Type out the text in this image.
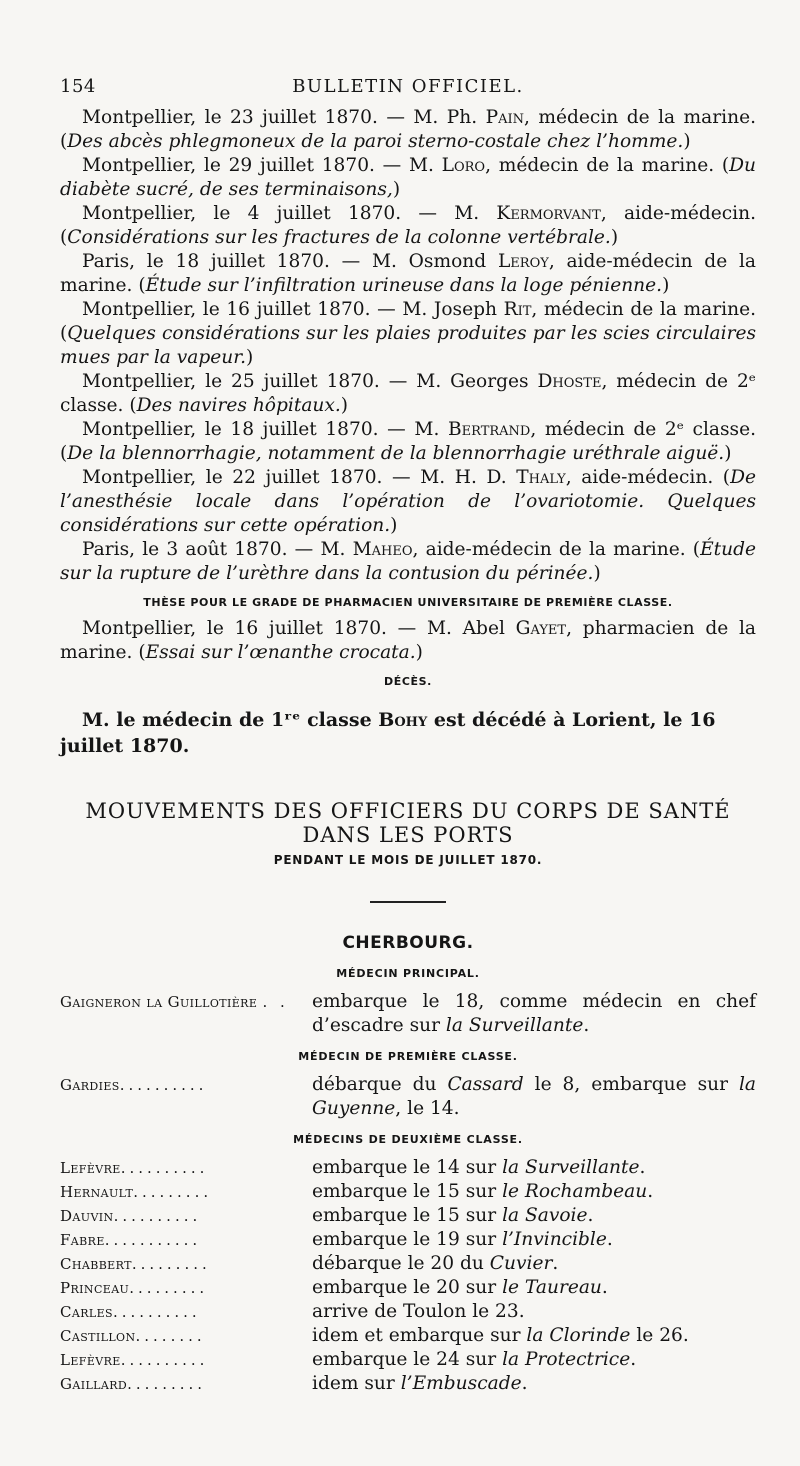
154	BULLETIN OFFICIEL.

Montpellier, le 23 juillet 1870. — M. Ph. Pain, médecin de la marine. (Des abcès phlegmoneux de la paroi sterno-costale chez l’homme.)

Montpellier, le 29 juillet 1870. — M. Loro, médecin de la marine. (Du diabète sucré, de ses terminaisons,)

Montpellier, le 4 juillet 1870. — M. Kermorvant, aide-médecin. (Considérations sur les fractures de la colonne vertébrale.)

Paris, le 18 juillet 1870. — M. Osmond Leroy, aide-médecin de la marine. (Étude sur l’infiltration urineuse dans la loge pénienne.)

Montpellier, le 16 juillet 1870. — M. Joseph Rit, médecin de la marine. (Quelques considérations sur les plaies produites par les scies circulaires mues par la vapeur.)

Montpellier, le 25 juillet 1870. — M. Georges Dhoste, médecin de 2ᵉ classe. (Des navires hôpitaux.)

Montpellier, le 18 juillet 1870. — M. Bertrand, médecin de 2ᵉ classe. (De la blennorrhagie, notamment de la blennorrhagie uréthrale aiguë.)

Montpellier, le 22 juillet 1870. — M. H. D. Thaly, aide-médecin. (De l’anesthésie locale dans l’opération de l’ovariotomie. Quelques considérations sur cette opération.)

Paris, le 3 août 1870. — M. Maheo, aide-médecin de la marine. (Étude sur la rupture de l’urèthre dans la contusion du périnée.)

THÈSE POUR LE GRADE DE PHARMACIEN UNIVERSITAIRE DE PREMIÈRE CLASSE.

Montpellier, le 16 juillet 1870. — M. Abel Gayet, pharmacien de la marine. (Essai sur l’œnanthe crocata.)

DÉCÈS.

M. le médecin de 1ʳᵉ classe Bohy est décédé à Lorient, le 16 juillet 1870.

MOUVEMENTS DES OFFICIERS DU CORPS DE SANTÉ DANS LES PORTS
PENDANT LE MOIS DE JUILLET 1870.
CHERBOURG.
MÉDECIN PRINCIPAL.
Gaigneron la Guillotière . .	embarque le 18, comme médecin en chef d’escadre sur la Surveillante.
MÉDECIN DE PREMIÈRE CLASSE.
Gardies..........	débarque du Cassard le 8, embarque sur la Guyenne, le 14.
MÉDECINS DE DEUXIÈME CLASSE.
Lefèvre..........	embarque le 14 sur la Surveillante.
Hernault.........	embarque le 15 sur le Rochambeau.
Dauvin..........	embarque le 15 sur la Savoie.
Fabre...........	embarque le 19 sur l’Invincible.
Chabbert.........	débarque le 20 du Cuvier.
Princeau.........	embarque le 20 sur le Taureau.
Carles..........	arrive de Toulon le 23.
Castillon........	idem et embarque sur la Clorinde le 26.
Lefèvre..........	embarque le 24 sur la Protectrice.
Gaillard.........	idem sur l’Embuscade.
